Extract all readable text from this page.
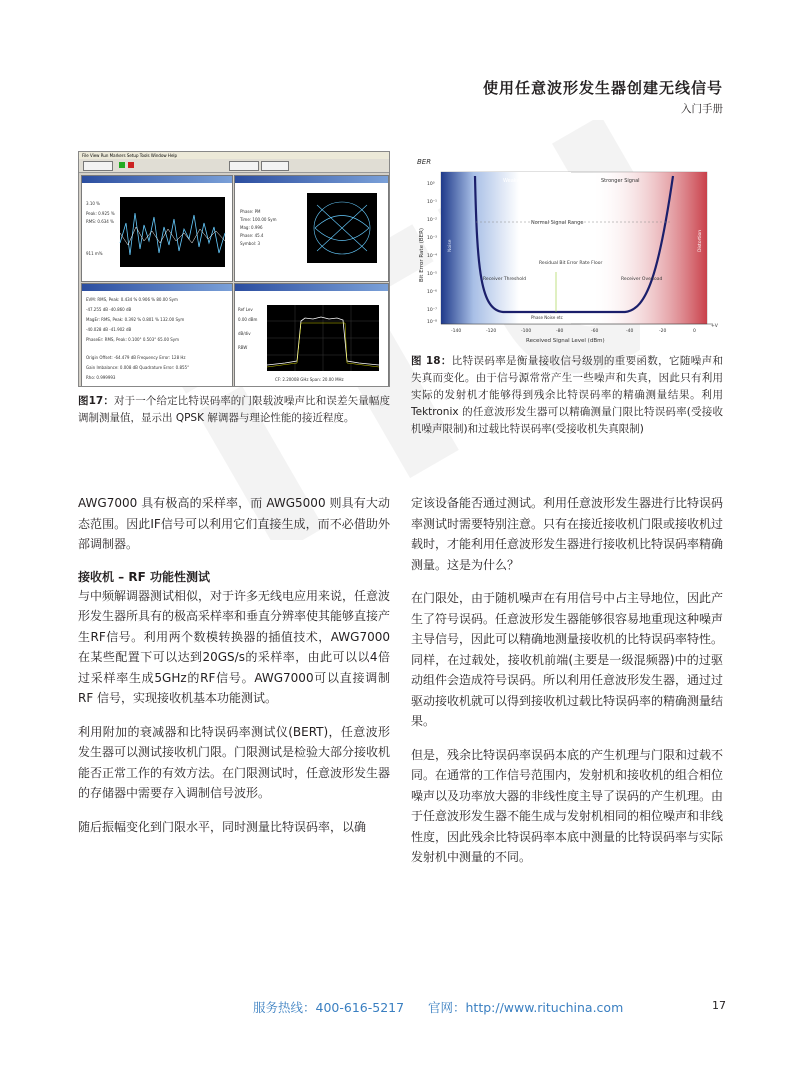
使用任意波形发生器创建无线信号
入门手册
File View Run Markers Setup Tools Window Help
3.10 %
Peak: 0.925 %
RMS: 0.634 %
911 m%
Phase: PM
Time: 100.00 Sym
Mag: 0.996
Phase: 45.4
Symbol: 3
EVM: RMS, Peak: 0.434 % 0.906 % 80.00 Sym
-47.255 dB -40.860 dB
MagEr: RMS, Peak: 0.392 % 0.801 % 132.00 Sym
-40.028 dB -41.902 dB
PhaseEr: RMS, Peak: 0.100° 0.503° 65.00 Sym
Origin Offset: -64.479 dB Frequency Error: 128 Hz
Gain Imbalance: 0.008 dB Quadrature Error: 0.855°
Rho: 0.999993
Ref Lev
0.00 dBm
dB/div
RBW
CF: 2.20008 GHz Span: 20.00 MHz
图17：对于一个给定比特误码率的门限载波噪声比和误差矢量幅度调制测量值，显示出 QPSK 解调器与理论性能的接近程度。
BER
Bit Error Rate (BER)
10⁰
10⁻¹
10⁻²
10⁻³
10⁻⁴
10⁻⁵
10⁻⁶
10⁻⁷
10⁻⁸
Normal Signal Range
Weaker Signal	Stronger Signal
Residual Bit Error Rate Floor
Receiver Threshold	Receiver Overload
Noise	Distortion
Phase Noise etc
-140	-120	-100	-80	-60	-40	-20	0
+V
Received Signal Level (dBm)
图 18：比特误码率是衡量接收信号级别的重要函数，它随噪声和失真而变化。由于信号源常常产生一些噪声和失真，因此只有利用实际的发射机才能够得到残余比特误码率的精确测量结果。利用 Tektronix 的任意波形发生器可以精确测量门限比特误码率(受接收机噪声限制)和过载比特误码率(受接收机失真限制)

AWG7000 具有极高的采样率，而 AWG5000 则具有大动态范围。因此IF信号可以利用它们直接生成，而不必借助外部调制器。

接收机 – RF 功能性测试

与中频解调器测试相似，对于许多无线电应用来说，任意波形发生器所具有的极高采样率和垂直分辨率使其能够直接产生RF信号。利用两个数模转换器的插值技术，AWG7000在某些配置下可以达到20GS/s的采样率，由此可以以4倍过采样率生成5GHz的RF信号。AWG7000可以直接调制 RF 信号，实现接收机基本功能测试。

利用附加的衰减器和比特误码率测试仪(BERT)，任意波形发生器可以测试接收机门限。门限测试是检验大部分接收机能否正常工作的有效方法。在门限测试时，任意波形发生器的存储器中需要存入调制信号波形。

随后振幅变化到门限水平，同时测量比特误码率，以确

定该设备能否通过测试。利用任意波形发生器进行比特误码率测试时需要特别注意。只有在接近接收机门限或接收机过载时，才能利用任意波形发生器进行接收机比特误码率精确测量。这是为什么？

在门限处，由于随机噪声在有用信号中占主导地位，因此产生了符号误码。任意波形发生器能够很容易地重现这种噪声主导信号，因此可以精确地测量接收机的比特误码率特性。同样，在过载处，接收机前端(主要是一级混频器)中的过驱动组件会造成符号误码。所以利用任意波形发生器，通过过驱动接收机就可以得到接收机过载比特误码率的精确测量结果。

但是，残余比特误码率误码本底的产生机理与门限和过载不同。在通常的工作信号范围内，发射机和接收机的组合相位噪声以及功率放大器的非线性度主导了误码的产生机理。由于任意波形发生器不能生成与发射机相同的相位噪声和非线性度，因此残余比特误码率本底中测量的比特误码率与实际发射机中测量的不同。

服务热线：400-616-5217 官网：http://www.rituchina.com	17
